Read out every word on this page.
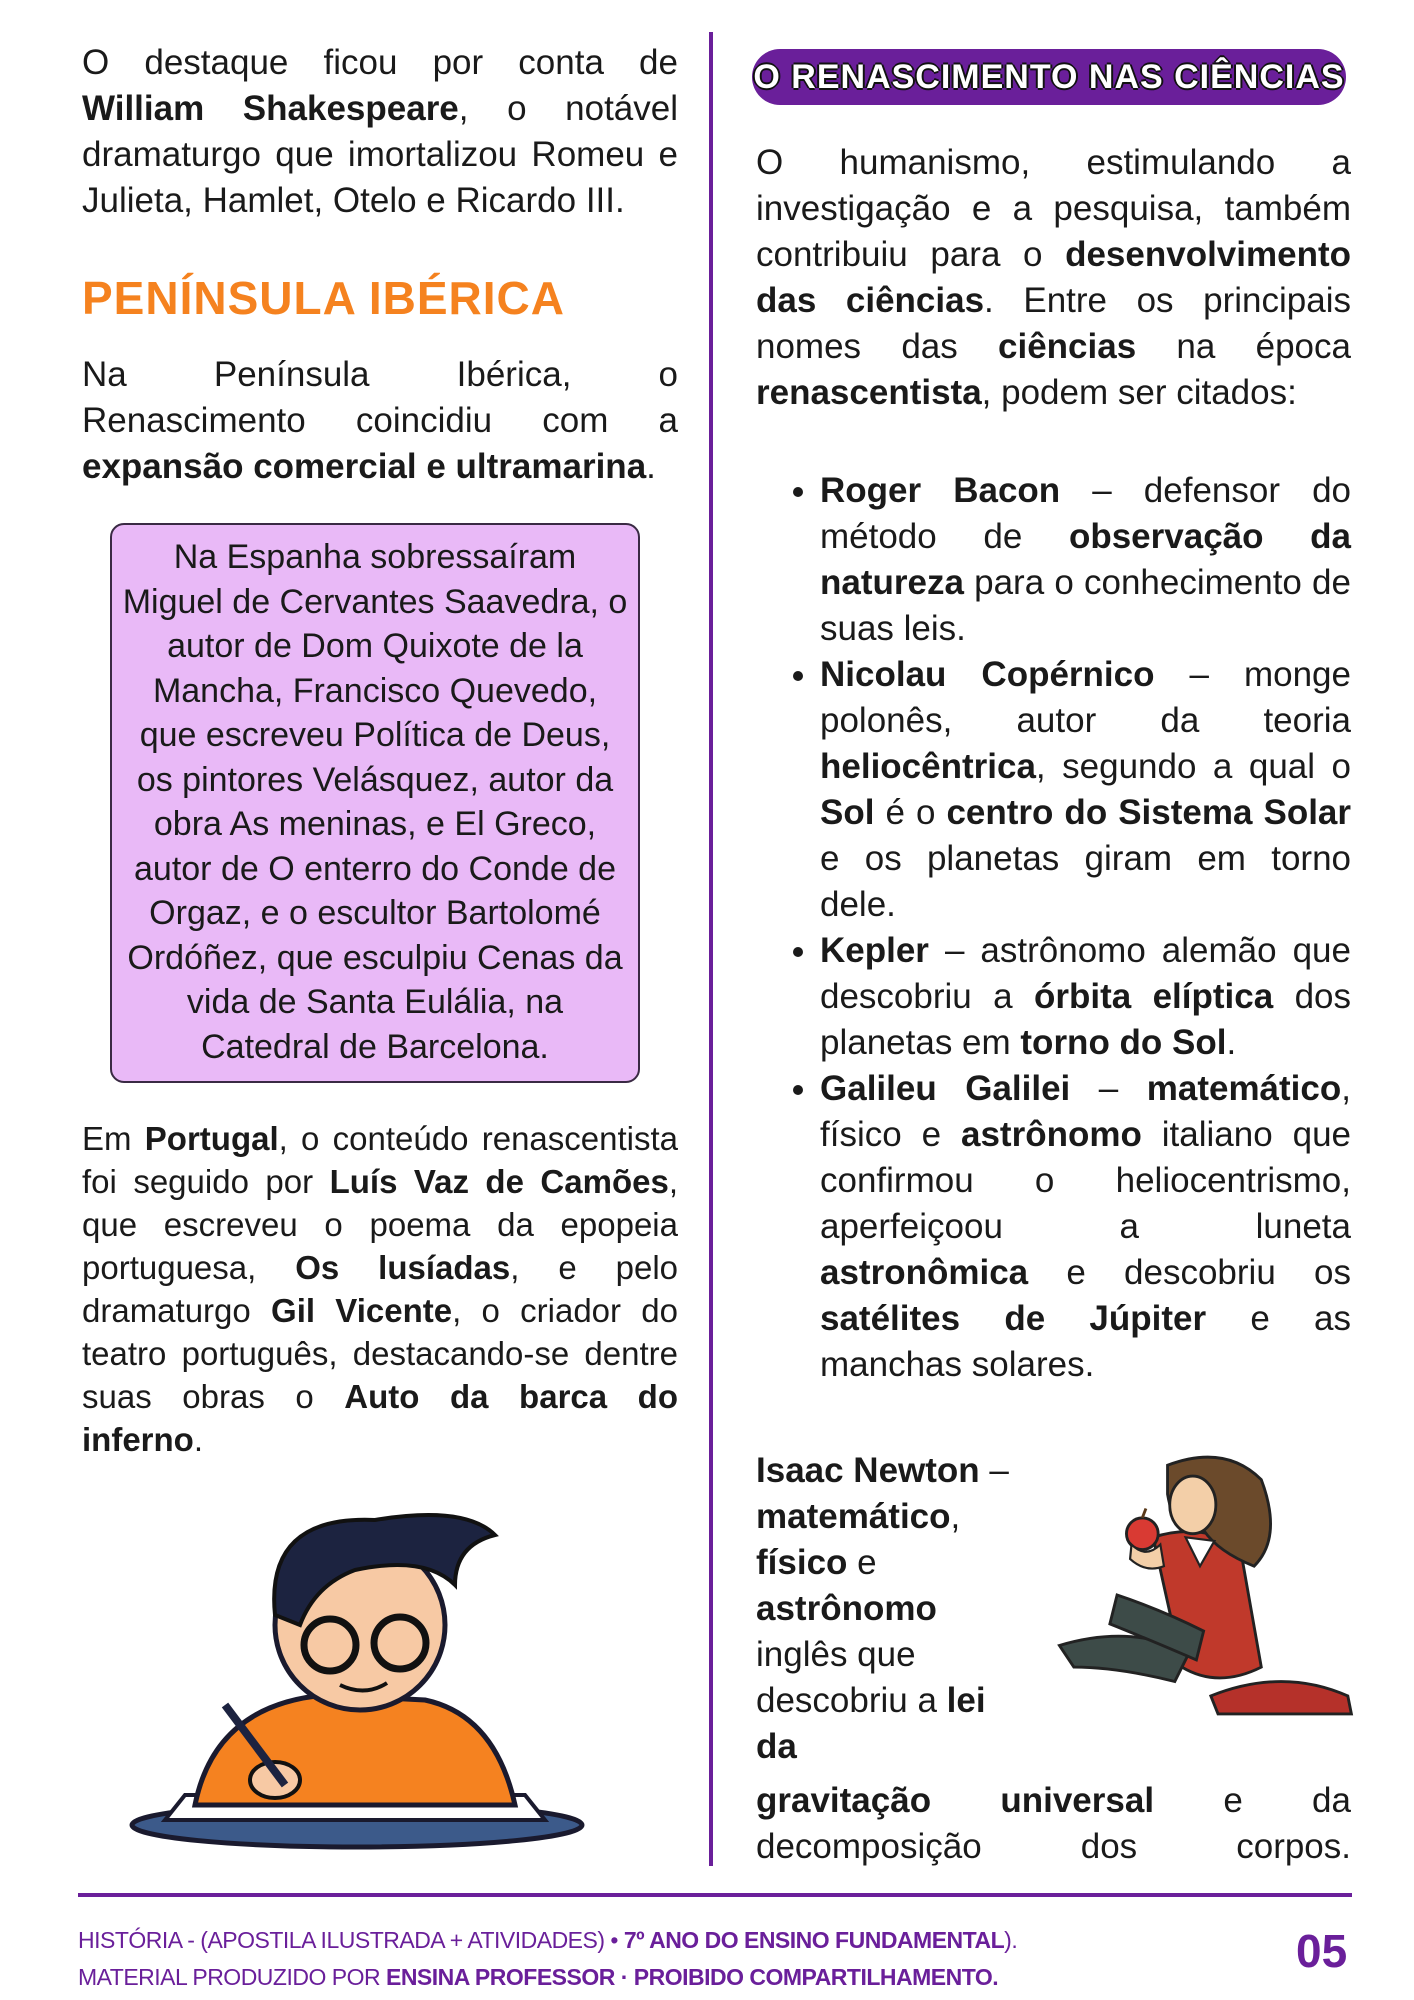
O destaque ficou por conta de William Shakespeare, o notável dramaturgo que imortalizou Romeu e Julieta, Hamlet, Otelo e Ricardo III.
PENÍNSULA IBÉRICA
Na Península Ibérica, o Renascimento coincidiu com a expansão comercial e ultramarina.
Na Espanha sobressaíram Miguel de Cervantes Saavedra, o autor de Dom Quixote de la Mancha, Francisco Quevedo, que escreveu Política de Deus, os pintores Velásquez, autor da obra As meninas, e El Greco, autor de O enterro do Conde de Orgaz, e o escultor Bartolomé Ordóñez, que esculpiu Cenas da vida de Santa Eulália, na Catedral de Barcelona.
Em Portugal, o conteúdo renascentista foi seguido por Luís Vaz de Camões, que escreveu o poema da epopeia portuguesa, Os lusíadas, e pelo dramaturgo Gil Vicente, o criador do teatro português, destacando-se dentre suas obras o Auto da barca do inferno.
O RENASCIMENTO NAS CIÊNCIAS
O humanismo, estimulando a investigação e a pesquisa, também contribuiu para o desenvolvimento das ciências. Entre os principais nomes das ciências na época renascentista, podem ser citados:
• Roger Bacon – defensor do método de observação da natureza para o conhecimento de suas leis.
• Nicolau Copérnico – monge polonês, autor da teoria heliocêntrica, segundo a qual o Sol é o centro do Sistema Solar e os planetas giram em torno dele.
• Kepler – astrônomo alemão que descobriu a órbita elíptica dos planetas em torno do Sol.
• Galileu Galilei – matemático, físico e astrônomo italiano que confirmou o heliocentrismo, aperfeiçoou a luneta astronômica e descobriu os satélites de Júpiter e as manchas solares.
Isaac Newton – matemático, físico e astrônomo inglês que descobriu a lei da
gravitação universal e da decomposição dos corpos.
HISTÓRIA - (APOSTILA ILUSTRADA + ATIVIDADES) • 7º ANO DO ENSINO FUNDAMENTAL).
MATERIAL PRODUZIDO POR ENSINA PROFESSOR · PROIBIDO COMPARTILHAMENTO.	05
